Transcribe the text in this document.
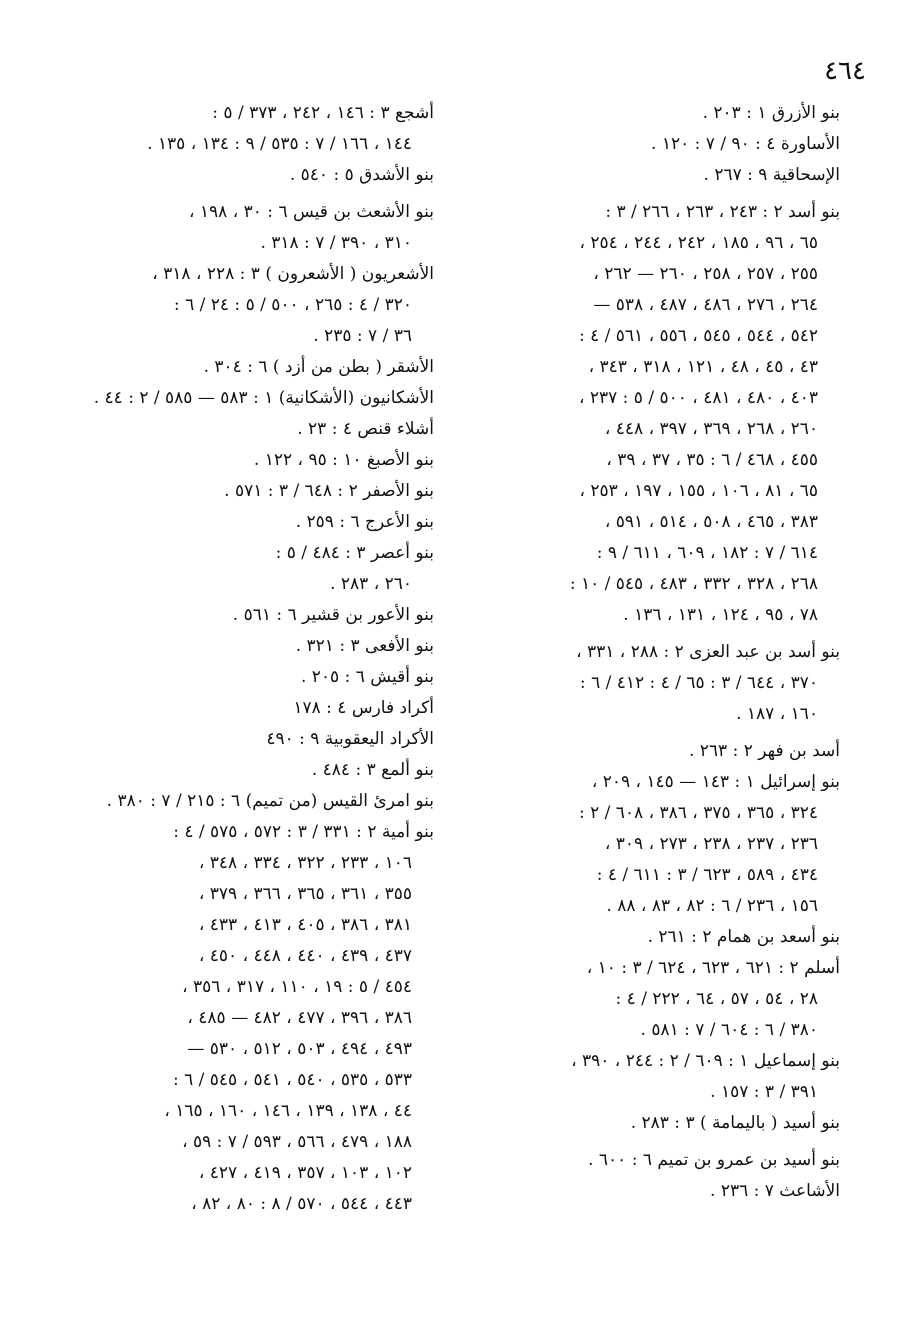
٤٦٤
بنو الأزرق ١ : ٢٠٣ .
الأساورة ٤ : ٩٠ / ٧ : ١٢٠ .
الإسحاقية ٩ : ٢٦٧ .
بنو أسد ٢ : ٢٤٣ ، ٢٦٣ ، ٢٦٦ / ٣ :
٦٥ ، ٩٦ ، ١٨٥ ، ٢٤٢ ، ٢٤٤ ، ٢٥٤ ،
٢٥٥ ، ٢٥٧ ، ٢٥٨ ، ٢٦٠ — ٢٦٢ ،
٢٦٤ ، ٢٧٦ ، ٤٨٦ ، ٤٨٧ ، ٥٣٨ —
٥٤٢ ، ٥٤٤ ، ٥٤٥ ، ٥٥٦ ، ٥٦١ / ٤ :
٤٣ ، ٤٥ ، ٤٨ ، ١٢١ ، ٣١٨ ، ٣٤٣ ،
٤٠٣ ، ٤٨٠ ، ٤٨١ ، ٥٠٠ / ٥ : ٢٣٧ ،
٢٦٠ ، ٢٦٨ ، ٣٦٩ ، ٣٩٧ ، ٤٤٨ ،
٤٥٥ ، ٤٦٨ / ٦ : ٣٥ ، ٣٧ ، ٣٩ ،
٦٥ ، ٨١ ، ١٠٦ ، ١٥٥ ، ١٩٧ ، ٢٥٣ ،
٣٨٣ ، ٤٦٥ ، ٥٠٨ ، ٥١٤ ، ٥٩١ ،
٦١٤ / ٧ : ١٨٢ ، ٦٠٩ ، ٦١١ / ٩ :
٢٦٨ ، ٣٢٨ ، ٣٣٢ ، ٤٨٣ ، ٥٤٥ / ١٠ :
٧٨ ، ٩٥ ، ١٢٤ ، ١٣١ ، ١٣٦ .
بنو أسد بن عبد العزى ٢ : ٢٨٨ ، ٣٣١ ،
٣٧٠ ، ٦٤٤ / ٣ : ٦٥ / ٤ : ٤١٢ / ٦ :
١٦٠ ، ١٨٧ .
أسد بن فهر ٢ : ٢٦٣ .
بنو إسرائيل ١ : ١٤٣ — ١٤٥ ، ٢٠٩ ،
٣٢٤ ، ٣٦٥ ، ٣٧٥ ، ٣٨٦ ، ٦٠٨ / ٢ :
٢٣٦ ، ٢٣٧ ، ٢٣٨ ، ٢٧٣ ، ٣٠٩ ،
٤٣٤ ، ٥٨٩ ، ٦٢٣ / ٣ : ٦١١ / ٤ :
١٥٦ ، ٢٣٦ / ٦ : ٨٢ ، ٨٣ ، ٨٨ .
بنو أسعد بن همام ٢ : ٢٦١ .
أسلم ٢ : ٦٢١ ، ٦٢٣ ، ٦٢٤ / ٣ : ١٠ ،
٢٨ ، ٥٤ ، ٥٧ ، ٦٤ ، ٢٢٢ / ٤ :
٣٨٠ / ٦ : ٦٠٤ / ٧ : ٥٨١ .
بنو إسماعيل ١ : ٦٠٩ / ٢ : ٢٤٤ ، ٣٩٠ ،
٣٩١ / ٣ : ١٥٧ .
بنو أسيد ( باليمامة ) ٣ : ٢٨٣ .
بنو أسيد بن عمرو بن تميم ٦ : ٦٠٠ .
الأشاعث ٧ : ٢٣٦ .
أشجع ٣ : ١٤٦ ، ٢٤٢ ، ٣٧٣ / ٥ :
١٤٤ ، ١٦٦ / ٧ : ٥٣٥ / ٩ : ١٣٤ ، ١٣٥ .
بنو الأشدق ٥ : ٥٤٠ .
بنو الأشعث بن قيس ٦ : ٣٠ ، ١٩٨ ،
٣١٠ ، ٣٩٠ / ٧ : ٣١٨ .
الأشعريون ( الأشعرون ) ٣ : ٢٢٨ ، ٣١٨ ،
٣٢٠ / ٤ : ٢٦٥ ، ٥٠٠ / ٥ : ٢٤ / ٦ :
٣٦ / ٧ : ٢٣٥ .
الأشقر ( بطن من أزد ) ٦ : ٣٠٤ .
الأشكانيون (الأشكانية) ١ : ٥٨٣ — ٥٨٥ / ٢ : ٤٤ .
أشلاء قنص ٤ : ٢٣ .
بنو الأصبغ ١٠ : ٩٥ ، ١٢٢ .
بنو الأصفر ٢ : ٦٤٨ / ٣ : ٥٧١ .
بنو الأعرج ٦ : ٢٥٩ .
بنو أعصر ٣ : ٤٨٤ / ٥ :
٢٦٠ ، ٢٨٣ .
بنو الأعور بن قشير ٦ : ٥٦١ .
بنو الأفعى ٣ : ٣٢١ .
بنو أقيش ٦ : ٢٠٥ .
أكراد فارس ٤ : ١٧٨
الأكراد اليعقوبية ٩ : ٤٩٠
بنو ألمع ٣ : ٤٨٤ .
بنو امرئ القيس (من تميم) ٦ : ٢١٥ / ٧ : ٣٨٠ .
بنو أمية ٢ : ٣٣١ / ٣ : ٥٧٢ ، ٥٧٥ / ٤ :
١٠٦ ، ٢٣٣ ، ٣٢٢ ، ٣٣٤ ، ٣٤٨ ،
٣٥٥ ، ٣٦١ ، ٣٦٥ ، ٣٦٦ ، ٣٧٩ ،
٣٨١ ، ٣٨٦ ، ٤٠٥ ، ٤١٣ ، ٤٣٣ ،
٤٣٧ ، ٤٣٩ ، ٤٤٠ ، ٤٤٨ ، ٤٥٠ ،
٤٥٤ / ٥ : ١٩ ، ١١٠ ، ٣١٧ ، ٣٥٦ ،
٣٨٦ ، ٣٩٦ ، ٤٧٧ ، ٤٨٢ — ٤٨٥ ،
٤٩٣ ، ٤٩٤ ، ٥٠٣ ، ٥١٢ ، ٥٣٠ —
٥٣٣ ، ٥٣٥ ، ٥٤٠ ، ٥٤١ ، ٥٤٥ / ٦ :
٤٤ ، ١٣٨ ، ١٣٩ ، ١٤٦ ، ١٦٠ ، ١٦٥ ،
١٨٨ ، ٤٧٩ ، ٥٦٦ ، ٥٩٣ / ٧ : ٥٩ ،
١٠٢ ، ١٠٣ ، ٣٥٧ ، ٤١٩ ، ٤٢٧ ،
٤٤٣ ، ٥٤٤ ، ٥٧٠ / ٨ : ٨٠ ، ٨٢ ،
